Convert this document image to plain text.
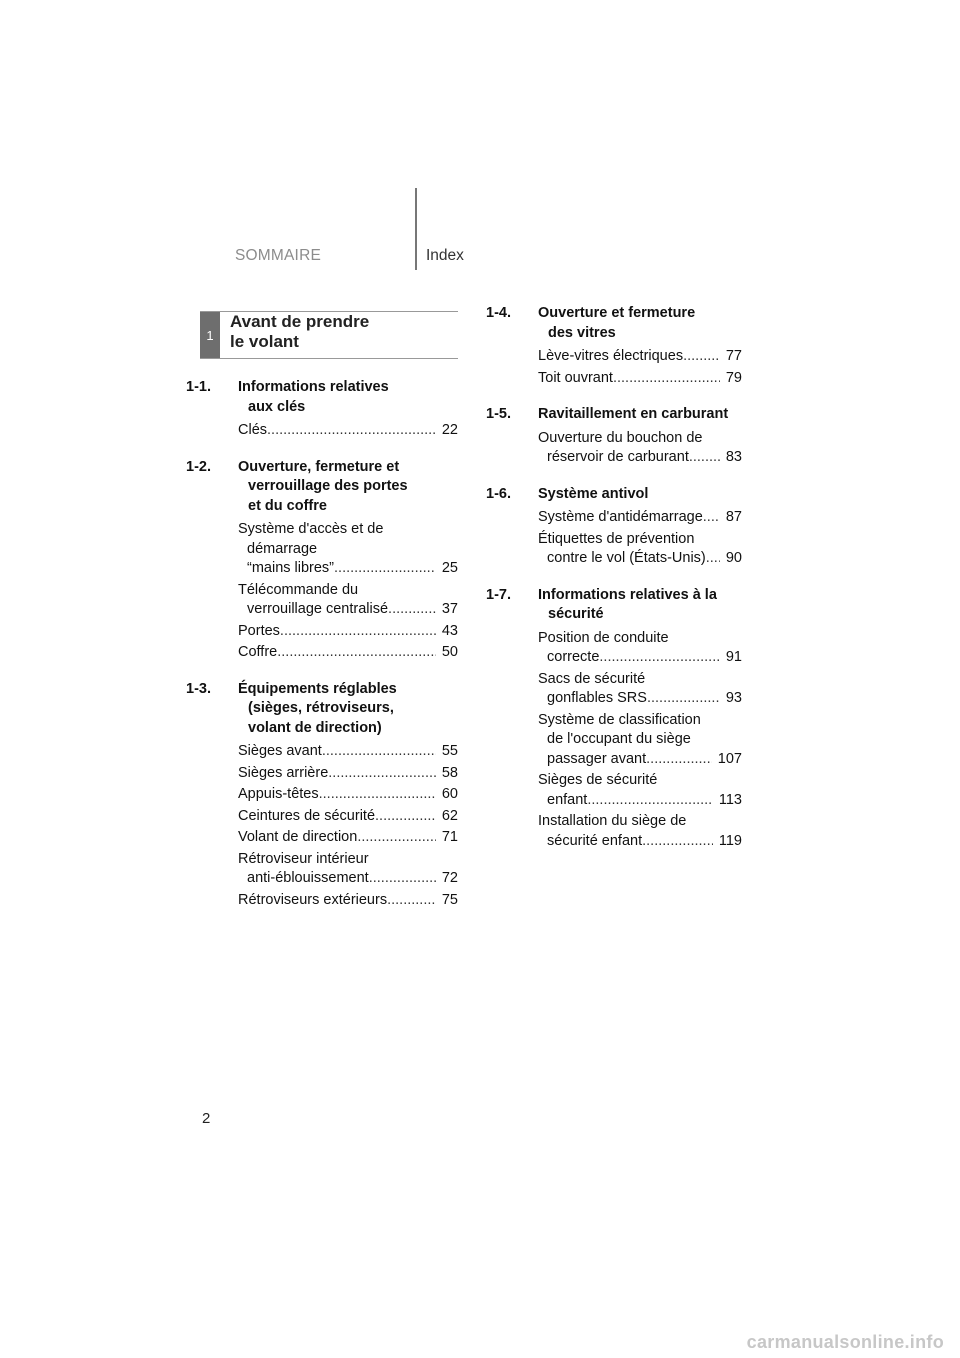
SOMMAIRE	Index
1
Avant de prendre
le volant
1-1.	Informations relatives
aux clés
Clés .....	22
1-2.	Ouverture, fermeture et
verrouillage des portes
et du coffre
Système d'accès et de
démarrage
“mains libres” .....	25
Télécommande du
verrouillage centralisé .....	37
Portes .....	43
Coffre .....	50
1-3.	Équipements réglables
(sièges, rétroviseurs,
volant de direction)
Sièges avant .....	55
Sièges arrière .....	58
Appuis-têtes .....	60
Ceintures de sécurité .....	62
Volant de direction .....	71
Rétroviseur intérieur
anti-éblouissement .....	72
Rétroviseurs extérieurs .....	75
1-4.	Ouverture et fermeture
des vitres
Lève-vitres électriques .....	77
Toit ouvrant .....	79
1-5.	Ravitaillement en carburant
Ouverture du bouchon de
réservoir de carburant .....	83
1-6.	Système antivol
Système d'antidémarrage .....	87
Étiquettes de prévention
contre le vol (États-Unis) .....	90
1-7.	Informations relatives à la
sécurité
Position de conduite
correcte .....	91
Sacs de sécurité
gonflables SRS .....	93
Système de classification
de l'occupant du siège
passager avant .....	107
Sièges de sécurité
enfant .....	113
Installation du siège de
sécurité enfant .....	119
2
carmanualsonline.info
